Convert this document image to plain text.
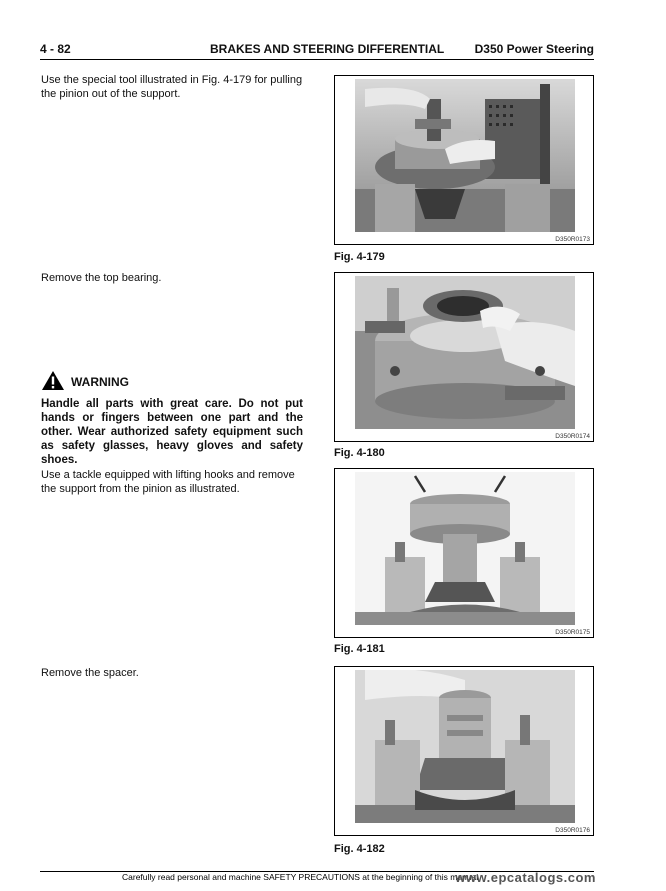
4 - 82	BRAKES AND STEERING DIFFERENTIAL	D350 Power Steering

Use the special tool illustrated in Fig. 4-179 for pulling the pinion out of the support.

Remove the top bearing.

WARNING

Handle all parts with great care. Do not put hands or fingers between one part and the other. Wear authorized safety equipment such as safety glasses, heavy gloves and safety shoes.

Use a tackle equipped with lifting hooks and remove the support from the pinion as illustrated.

Remove the spacer.

D350R0173
Fig. 4-179
D350R0174
Fig. 4-180
D350R0175
Fig. 4-181
D350R0176
Fig. 4-182
Carefully read personal and machine SAFETY PRECAUTIONS at the beginning of this manual
www.epcatalogs.com
